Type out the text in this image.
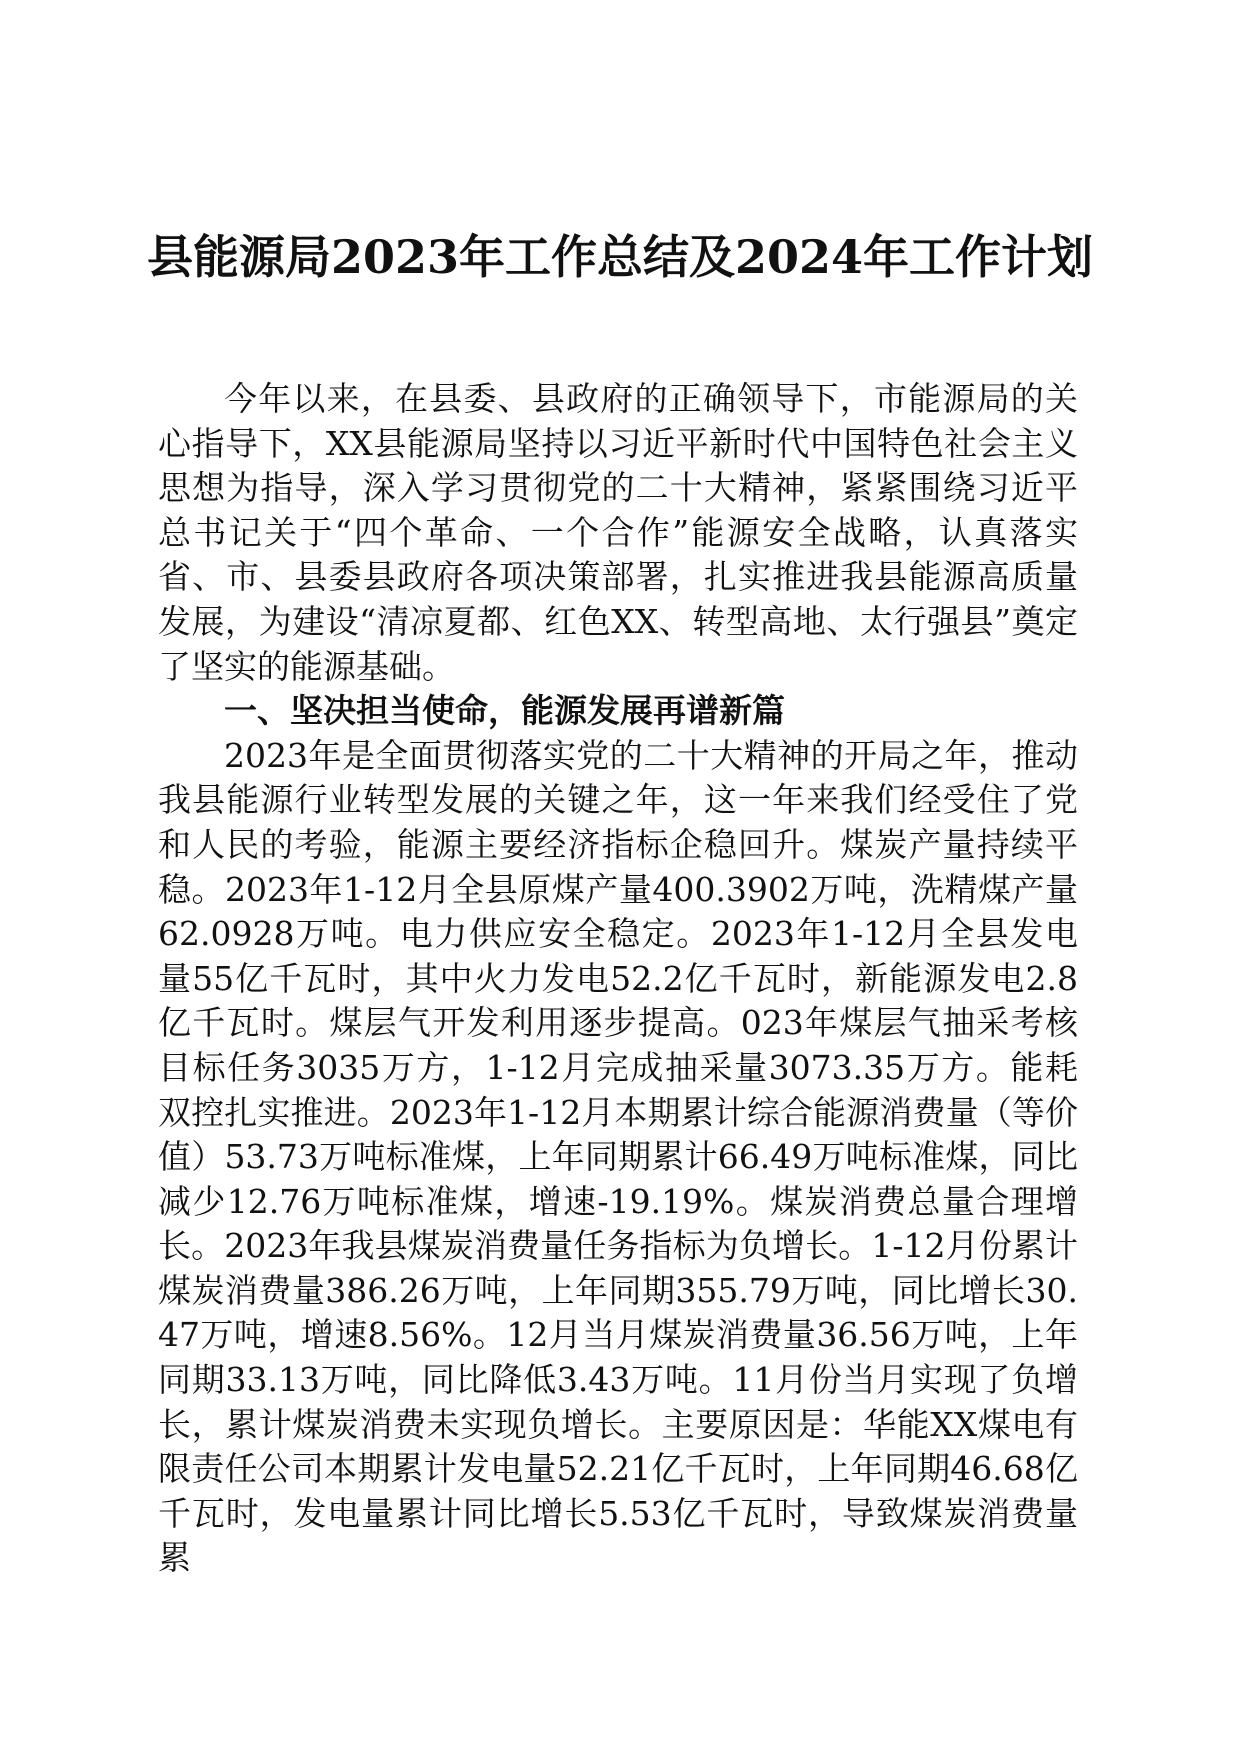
县能源局2023年工作总结及2024年工作计划

今年以来，在县委、县政府的正确领导下，市能源局的关心指导下，XX县能源局坚持以习近平新时代中国特色社会主义思想为指导，深入学习贯彻党的二十大精神，紧紧围绕习近平总书记关于“四个革命、一个合作”能源安全战略，认真落实省、市、县委县政府各项决策部署，扎实推进我县能源高质量发展，为建设“清凉夏都、红色XX、转型高地、太行强县”奠定了坚实的能源基础。

一、坚决担当使命，能源发展再谱新篇

2023年是全面贯彻落实党的二十大精神的开局之年，推动我县能源行业转型发展的关键之年，这一年来我们经受住了党和人民的考验，能源主要经济指标企稳回升。煤炭产量持续平稳。2023年1-12月全县原煤产量400.3902万吨，洗精煤产量62.0928万吨。电力供应安全稳定。2023年1-12月全县发电量55亿千瓦时，其中火力发电52.2亿千瓦时，新能源发电2.8亿千瓦时。煤层气开发利用逐步提高。023年煤层气抽采考核目标任务3035万方，1-12月完成抽采量3073.35万方。能耗双控扎实推进。2023年1-12月本期累计综合能源消费量（等价值）53.73万吨标准煤，上年同期累计66.49万吨标准煤，同比减少12.76万吨标准煤，增速-19.19%。煤炭消费总量合理增长。2023年我县煤炭消费量任务指标为负增长。1-12月份累计煤炭消费量386.26万吨，上年同期355.79万吨，同比增长30.47万吨，增速8.56%。12月当月煤炭消费量36.56万吨，上年同期33.13万吨，同比降低3.43万吨。11月份当月实现了负增长，累计煤炭消费未实现负增长。主要原因是：华能XX煤电有限责任公司本期累计发电量52.21亿千瓦时，上年同期46.68亿千瓦时，发电量累计同比增长5.53亿千瓦时，导致煤炭消费量累
